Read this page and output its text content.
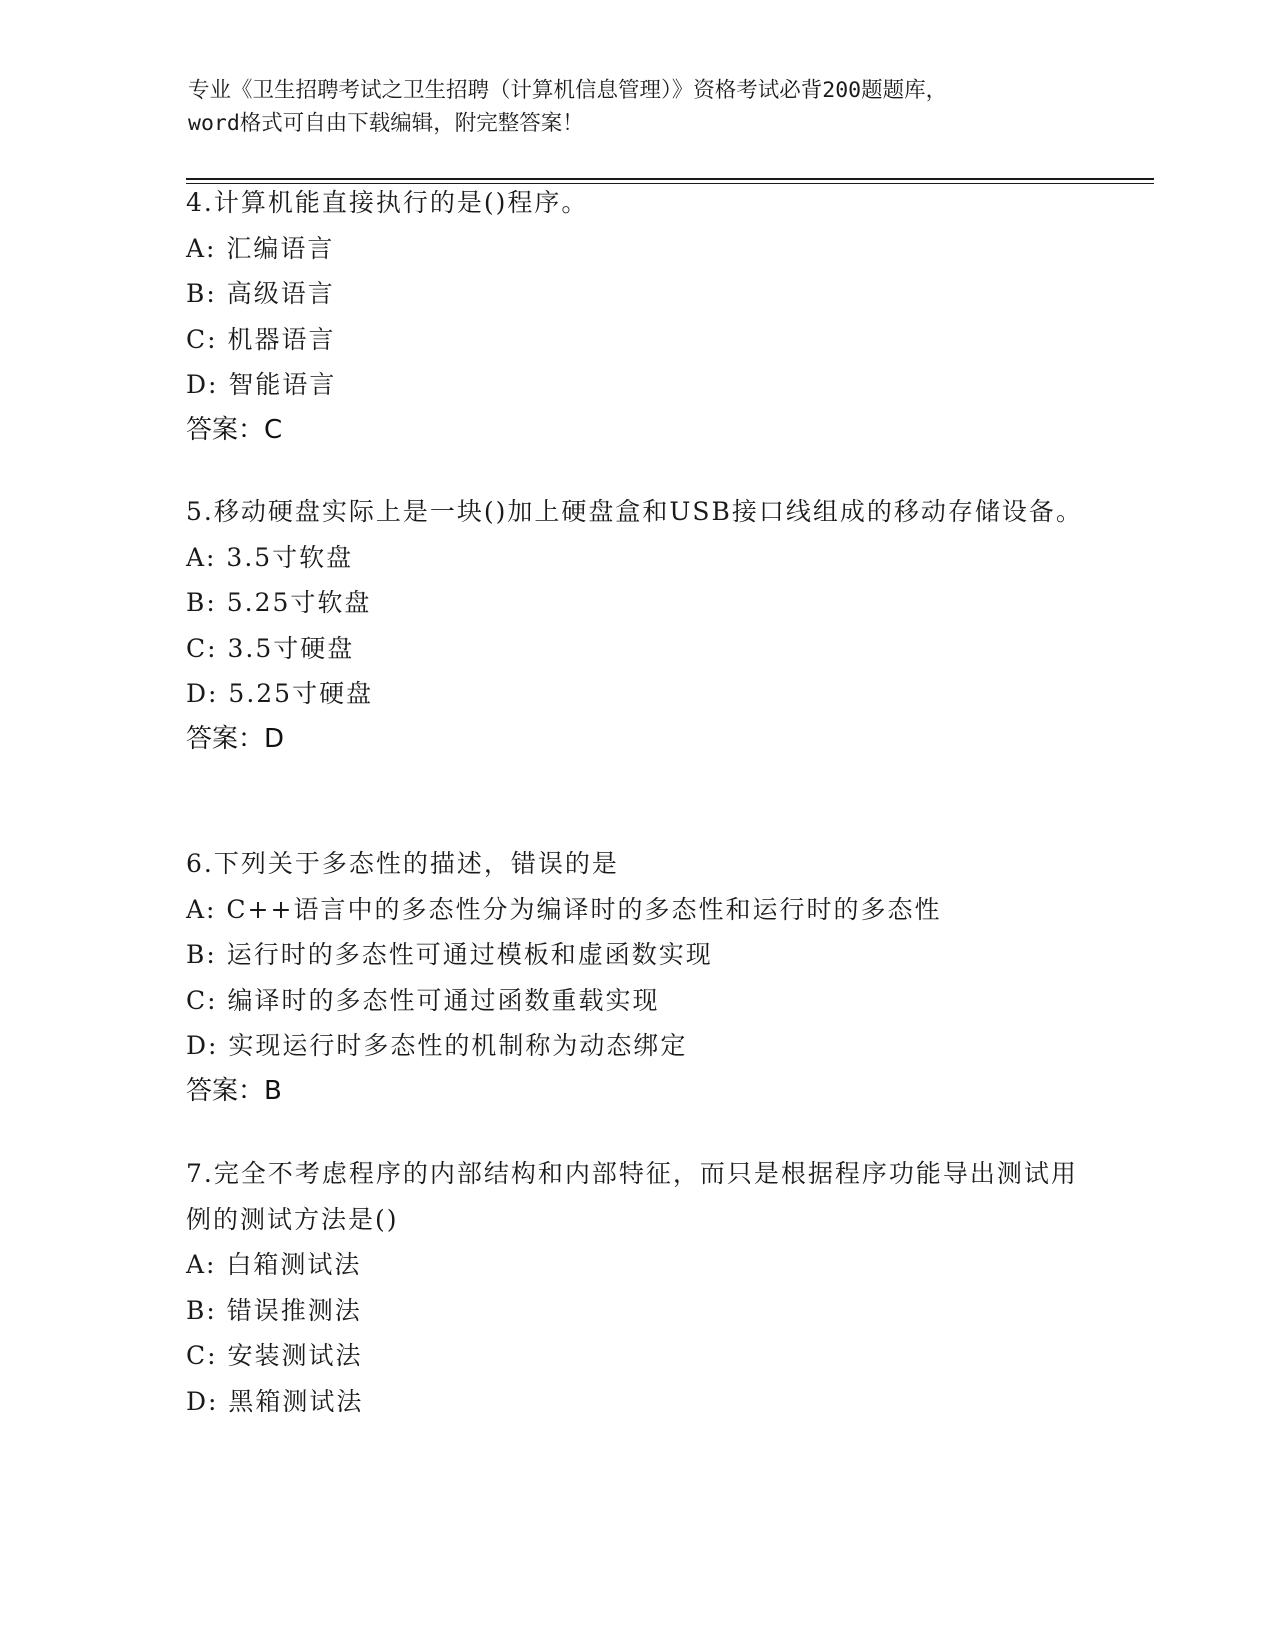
专业《卫生招聘考试之卫生招聘（计算机信息管理）》资格考试必背200题题库，
word格式可自由下载编辑，附完整答案！

4.计算机能直接执行的是()程序。

A: 汇编语言

B: 高级语言

C: 机器语言

D: 智能语言

答案：C

5.移动硬盘实际上是一块()加上硬盘盒和USB接口线组成的移动存储设备。

A: 3.5寸软盘

B: 5.25寸软盘

C: 3.5寸硬盘

D: 5.25寸硬盘

答案：D

6.下列关于多态性的描述，错误的是

A: C++语言中的多态性分为编译时的多态性和运行时的多态性

B: 运行时的多态性可通过模板和虚函数实现

C: 编译时的多态性可通过函数重载实现

D: 实现运行时多态性的机制称为动态绑定

答案：B

7.完全不考虑程序的内部结构和内部特征，而只是根据程序功能导出测试用例的测试方法是()

A: 白箱测试法

B: 错误推测法

C: 安装测试法

D: 黑箱测试法
